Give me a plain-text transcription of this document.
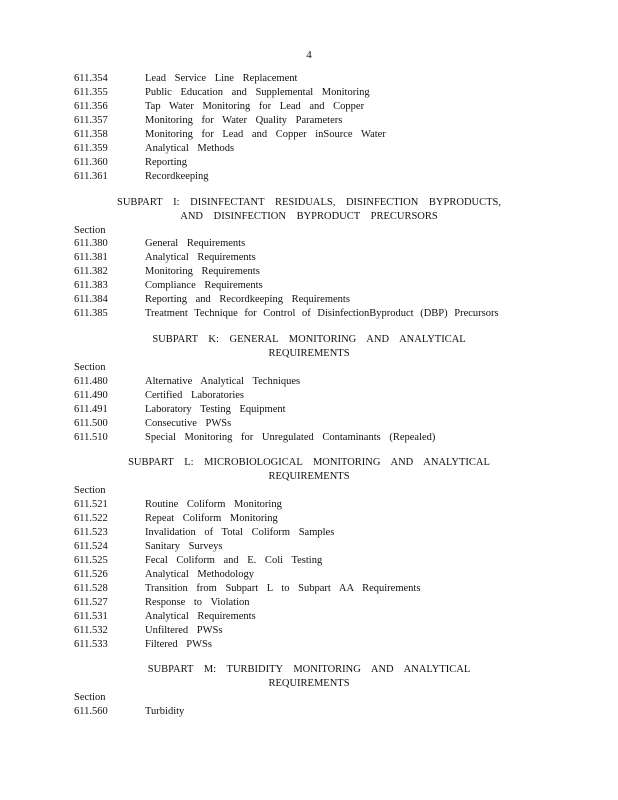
4
611.354	Lead Service Line Replacement
611.355	Public Education and Supplemental Monitoring
611.356	Tap Water Monitoring for Lead and Copper
611.357	Monitoring for Water Quality Parameters
611.358	Monitoring for Lead and Copper inSource Water
611.359	Analytical Methods
611.360	Reporting
611.361	Recordkeeping
SUBPART I: DISINFECTANT RESIDUALS, DISINFECTION BYPRODUCTS,
AND DISINFECTION BYPRODUCT PRECURSORS
Section
611.380	General Requirements
611.381	Analytical Requirements
611.382	Monitoring Requirements
611.383	Compliance Requirements
611.384	Reporting and Recordkeeping Requirements
611.385	Treatment Technique for Control of DisinfectionByproduct (DBP) Precursors
SUBPART K: GENERAL MONITORING AND ANALYTICAL
REQUIREMENTS
Section
611.480	Alternative Analytical Techniques
611.490	Certified Laboratories
611.491	Laboratory Testing Equipment
611.500	Consecutive PWSs
611.510	Special Monitoring for Unregulated Contaminants (Repealed)
SUBPART L: MICROBIOLOGICAL MONITORING AND ANALYTICAL
REQUIREMENTS
Section
611.521	Routine Coliform Monitoring
611.522	Repeat Coliform Monitoring
611.523	Invalidation of Total Coliform Samples
611.524	Sanitary Surveys
611.525	Fecal Coliform and E. Coli Testing
611.526	Analytical Methodology
611.528	Transition from Subpart L to Subpart AA Requirements
611.527	Response to Violation
611.531	Analytical Requirements
611.532	Unfiltered PWSs
611.533	Filtered PWSs
SUBPART M: TURBIDITY MONITORING AND ANALYTICAL
REQUIREMENTS
Section
611.560	Turbidity
